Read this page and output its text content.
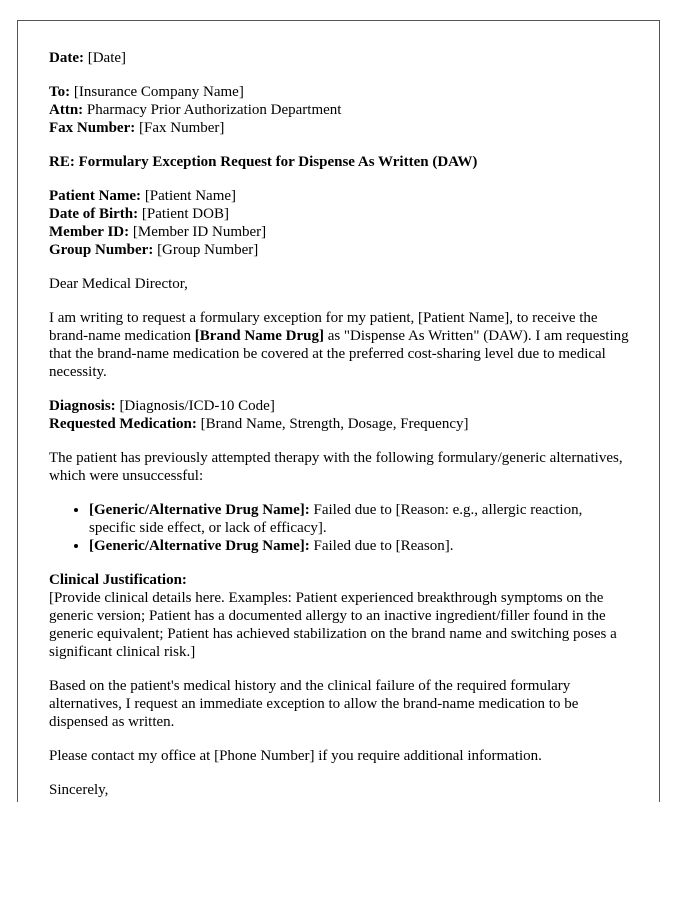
Date: [Date]

To: [Insurance Company Name]
Attn: Pharmacy Prior Authorization Department
Fax Number: [Fax Number]

RE: Formulary Exception Request for Dispense As Written (DAW)

Patient Name: [Patient Name]
Date of Birth: [Patient DOB]
Member ID: [Member ID Number]
Group Number: [Group Number]

Dear Medical Director,

I am writing to request a formulary exception for my patient, [Patient Name], to receive the brand-name medication [Brand Name Drug] as "Dispense As Written" (DAW). I am requesting that the brand-name medication be covered at the preferred cost-sharing level due to medical necessity.

Diagnosis: [Diagnosis/ICD-10 Code]
Requested Medication: [Brand Name, Strength, Dosage, Frequency]

The patient has previously attempted therapy with the following formulary/generic alternatives, which were unsuccessful:

• [Generic/Alternative Drug Name]: Failed due to [Reason: e.g., allergic reaction, specific side effect, or lack of efficacy].
• [Generic/Alternative Drug Name]: Failed due to [Reason].

Clinical Justification:
[Provide clinical details here. Examples: Patient experienced breakthrough symptoms on the generic version; Patient has a documented allergy to an inactive ingredient/filler found in the generic equivalent; Patient has achieved stabilization on the brand name and switching poses a significant clinical risk.]

Based on the patient's medical history and the clinical failure of the required formulary alternatives, I request an immediate exception to allow the brand-name medication to be dispensed as written.

Please contact my office at [Phone Number] if you require additional information.

Sincerely,
